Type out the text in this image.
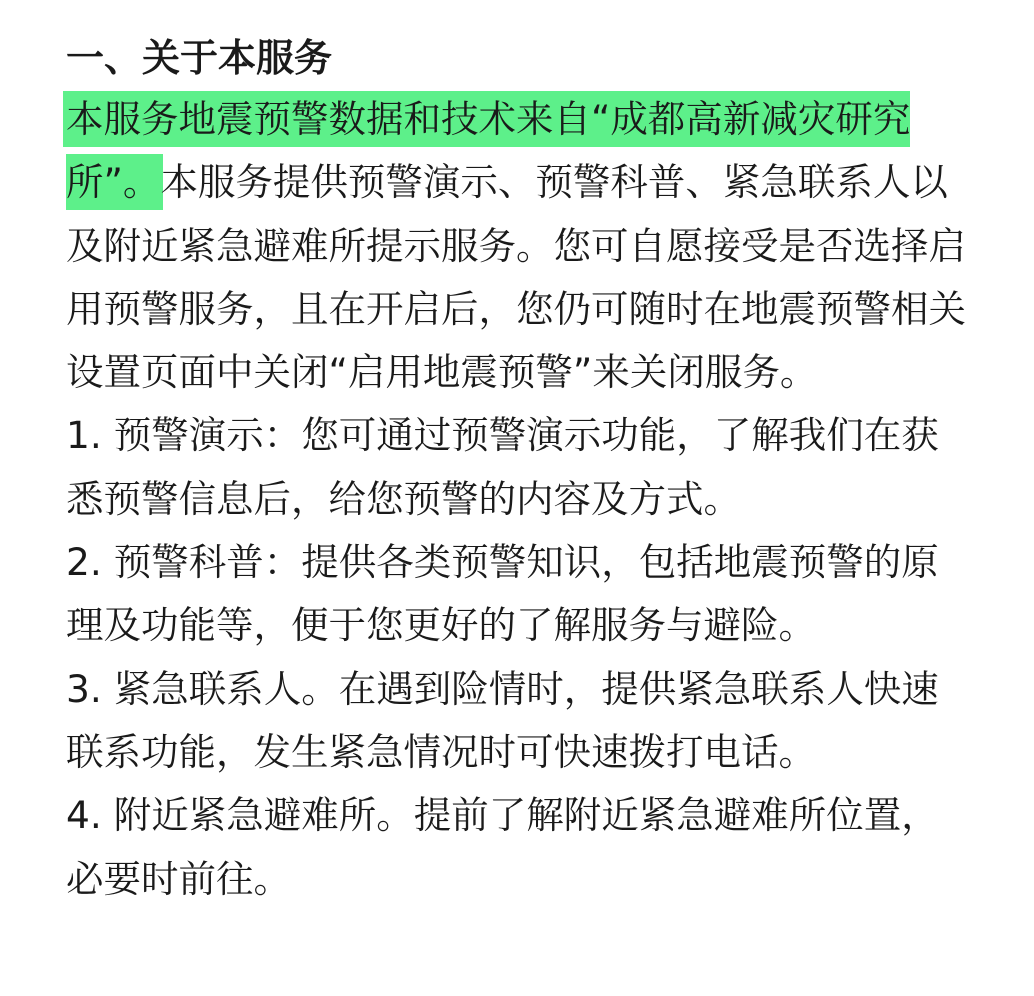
一、关于本服务

本服务地震预警数据和技术来自“成都高新减灾研究所”。本服务提供预警演示、预警科普、紧急联系人以及附近紧急避难所提示服务。您可自愿接受是否选择启用预警服务，且在开启后，您仍可随时在地震预警相关设置页面中关闭“启用地震预警”来关闭服务。

1. 预警演示：您可通过预警演示功能，了解我们在获悉预警信息后，给您预警的内容及方式。

2. 预警科普：提供各类预警知识，包括地震预警的原理及功能等，便于您更好的了解服务与避险。

3. 紧急联系人。在遇到险情时，提供紧急联系人快速联系功能，发生紧急情况时可快速拨打电话。

4. 附近紧急避难所。提前了解附近紧急避难所位置，必要时前往。
